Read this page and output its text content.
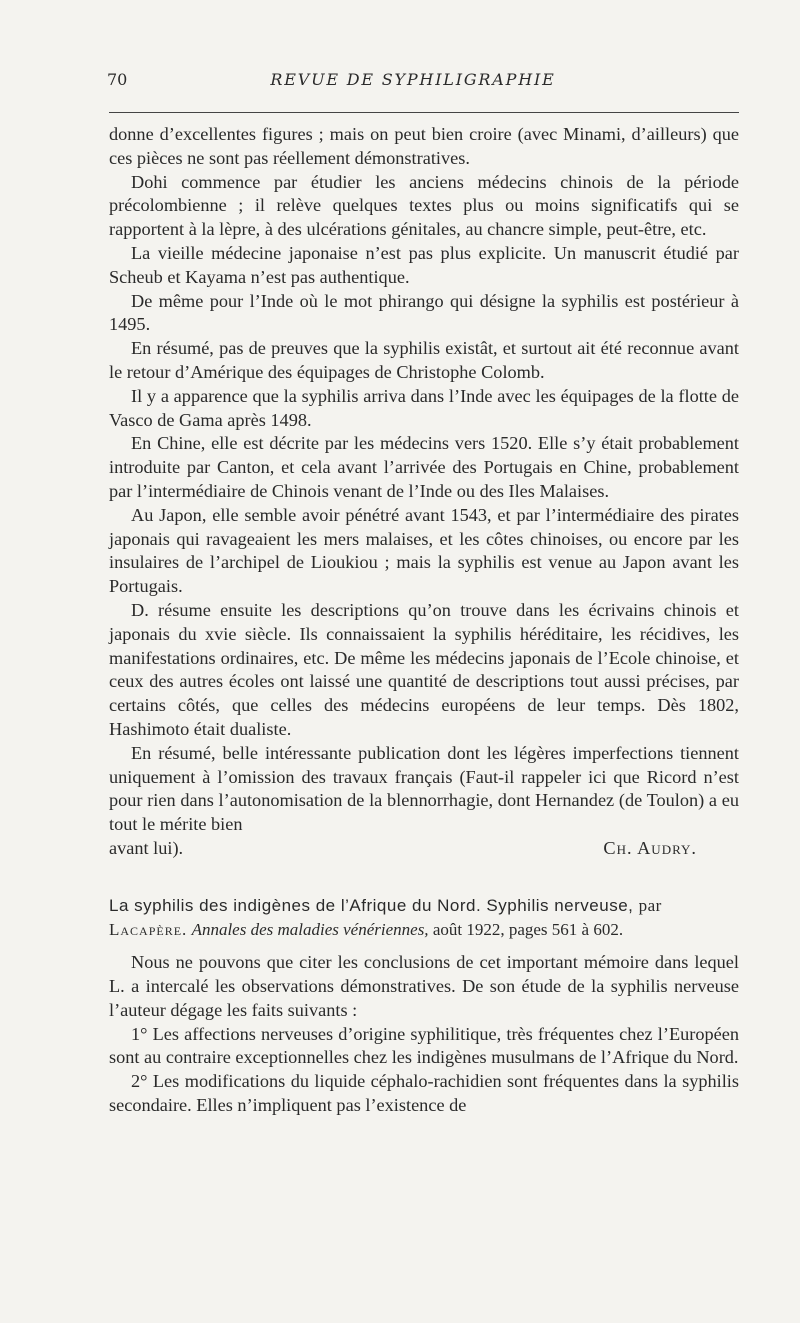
70	REVUE DE SYPHILIGRAPHIE

donne d’excellentes figures ; mais on peut bien croire (avec Minami, d’ailleurs) que ces pièces ne sont pas réellement démonstratives.

Dohi commence par étudier les anciens médecins chinois de la période précolombienne ; il relève quelques textes plus ou moins significatifs qui se rapportent à la lèpre, à des ulcérations génitales, au chancre simple, peut-être, etc.

La vieille médecine japonaise n’est pas plus explicite. Un manuscrit étudié par Scheub et Kayama n’est pas authentique.

De même pour l’Inde où le mot phirango qui désigne la syphilis est postérieur à 1495.

En résumé, pas de preuves que la syphilis existât, et surtout ait été reconnue avant le retour d’Amérique des équipages de Christophe Colomb.

Il y a apparence que la syphilis arriva dans l’Inde avec les équipages de la flotte de Vasco de Gama après 1498.

En Chine, elle est décrite par les médecins vers 1520. Elle s’y était probablement introduite par Canton, et cela avant l’arrivée des Portugais en Chine, probablement par l’intermédiaire de Chinois venant de l’Inde ou des Iles Malaises.

Au Japon, elle semble avoir pénétré avant 1543, et par l’intermédiaire des pirates japonais qui ravageaient les mers malaises, et les côtes chinoises, ou encore par les insulaires de l’archipel de Lioukiou ; mais la syphilis est venue au Japon avant les Portugais.

D. résume ensuite les descriptions qu’on trouve dans les écrivains chinois et japonais du xvie siècle. Ils connaissaient la syphilis héréditaire, les récidives, les manifestations ordinaires, etc. De même les médecins japonais de l’Ecole chinoise, et ceux des autres écoles ont laissé une quantité de descriptions tout aussi précises, par certains côtés, que celles des médecins européens de leur temps. Dès 1802, Hashimoto était dualiste.

En résumé, belle intéressante publication dont les légères imperfections tiennent uniquement à l’omission des travaux français (Faut-il rappeler ici que Ricord n’est pour rien dans l’autonomisation de la blennorrhagie, dont Hernandez (de Toulon) a eu tout le mérite bien

avant lui).	Ch. Audry.
La syphilis des indigènes de l’Afrique du Nord. Syphilis nerveuse, par
Lacapère. Annales des maladies vénériennes, août 1922, pages 561 à 602.

Nous ne pouvons que citer les conclusions de cet important mémoire dans lequel L. a intercalé les observations démonstratives. De son étude de la syphilis nerveuse l’auteur dégage les faits suivants :

1° Les affections nerveuses d’origine syphilitique, très fréquentes chez l’Européen sont au contraire exceptionnelles chez les indigènes musulmans de l’Afrique du Nord.

2° Les modifications du liquide céphalo-rachidien sont fréquentes dans la syphilis secondaire. Elles n’impliquent pas l’existence de
